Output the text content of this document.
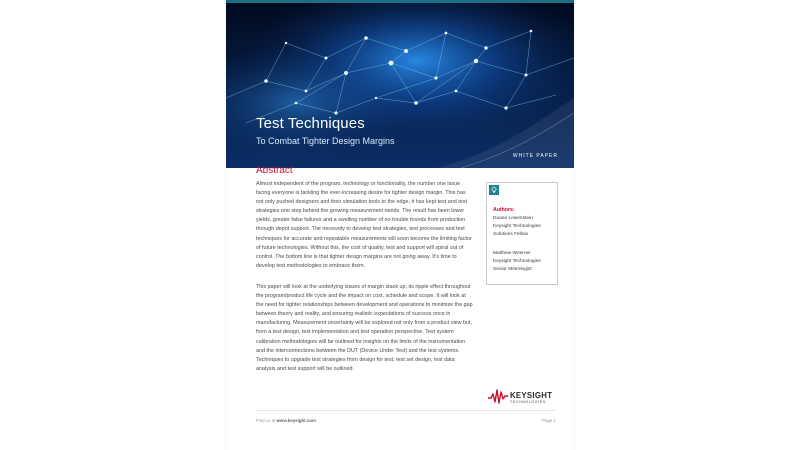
Test Techniques
To Combat Tighter Design Margins
WHITE PAPER
Abstract

Almost independent of the program, technology or functionality, the number one issue facing everyone is tackling the ever-increasing desire for tighter design margin. This has not only pushed designers and their simulation tools to the edge, it has kept test and test strategies one step behind the growing measurement needs. The result has been lower yields, greater false failures and a swelling number of no trouble founds from production through depot support. The necessity to develop test strategies, test processes and test techniques for accurate and repeatable measurements will soon become the limiting factor of future technologies. Without this, the cost of quality, test and support will spiral out of control. The bottom line is that tighter design margins are not going away. It's time to develop test methodologies to embrace them.

This paper will look at the underlying issues of margin stack up, its ripple effect throughout the program/product life cycle and the impact on cost, schedule and scope. It will look at the need for tighter relationships between development and operations to minimize the gap between theory and reality, and ensuring realistic expectations of success once in manufacturing. Measurement uncertainty will be explored not only from a product view but, from a test design, test implementation and test operation perspective. Test system calibration methodologies will be outlined for insights on the limits of the instrumentation and the interconnections between the DUT (Device Under Test) and the test systems. Techniques to upgrade test strategies from design for test, test set design, test data analysis and test support will be outlined.

Authors:
Duane Lowenstein
Keysight Technologies
Solutions Fellow
Matthew Woerner
Keysight Technologies
Senior Metrologist
KEYSIGHT
TECHNOLOGIES
Find us at www.keysight.com	Page 1
